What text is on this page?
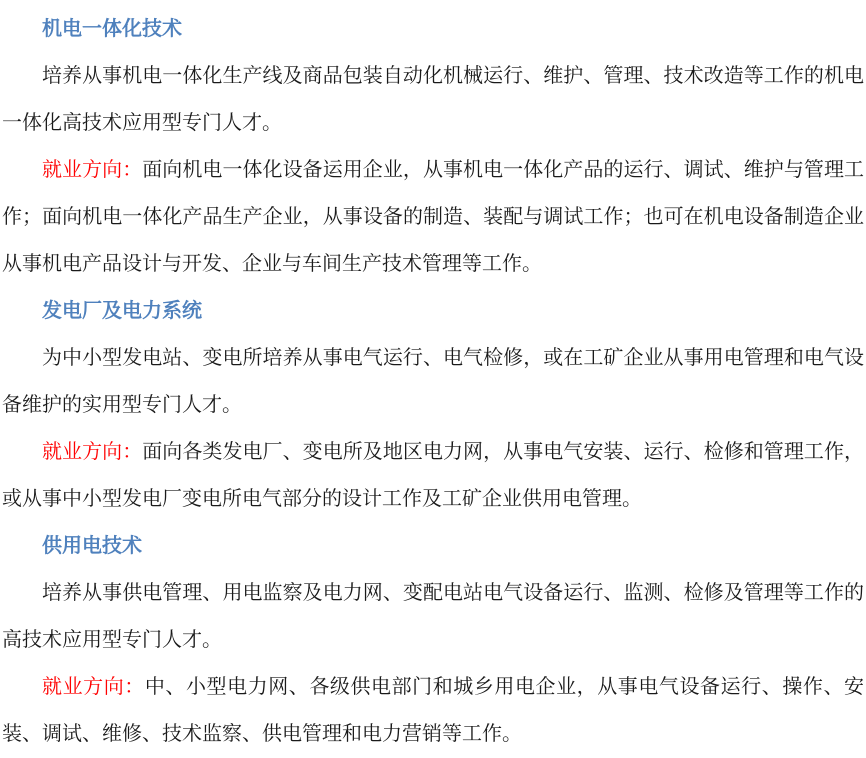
机电一体化技术

培养从事机电一体化生产线及商品包装自动化机械运行、维护、管理、技术改造等工作的机电一体化高技术应用型专门人才。

就业方向：面向机电一体化设备运用企业，从事机电一体化产品的运行、调试、维护与管理工作；面向机电一体化产品生产企业，从事设备的制造、装配与调试工作；也可在机电设备制造企业从事机电产品设计与开发、企业与车间生产技术管理等工作。

发电厂及电力系统

为中小型发电站、变电所培养从事电气运行、电气检修，或在工矿企业从事用电管理和电气设备维护的实用型专门人才。

就业方向：面向各类发电厂、变电所及地区电力网，从事电气安装、运行、检修和管理工作，或从事中小型发电厂变电所电气部分的设计工作及工矿企业供用电管理。

供用电技术

培养从事供电管理、用电监察及电力网、变配电站电气设备运行、监测、检修及管理等工作的高技术应用型专门人才。

就业方向：中、小型电力网、各级供电部门和城乡用电企业，从事电气设备运行、操作、安装、调试、维修、技术监察、供电管理和电力营销等工作。
